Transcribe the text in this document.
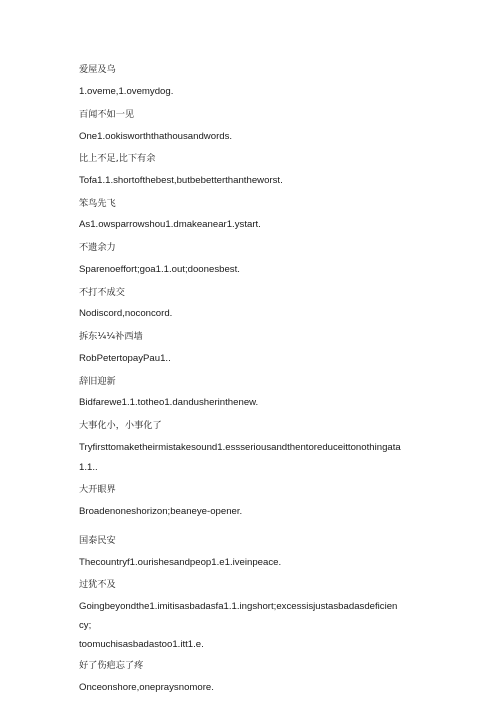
爱屋及乌

1.oveme,1.ovemydog.

百闻不如一见

One1.ookisworththathousandwords.

比上不足,比下有余

Tofa1.1.shortofthebest,butbebetterthantheworst.

笨鸟先飞

As1.owsparrowshou1.dmakeanear1.ystart.

不遗余力

Sparenoeffort;goa1.1.out;doonesbest.

不打不成交

Nodiscord,noconcord.

拆东¼¼补西墙

RobPetertopayPau1..

辞旧迎新

Bidfarewe1.1.totheo1.dandusherinthenew.

大事化小，小事化了

Tryfirsttomaketheirmistakesound1.essseriousandthentoreduceittonothingata

1.1..

大开眼界

Broadenoneshorizon;beaneye-opener.

国泰民安

Thecountryf1.ourishesandpeop1.e1.iveinpeace.

过犹不及

Goingbeyondthe1.imitisasbadasfa1.1.ingshort;excessisjustasbadasdeficien

cy;

toomuchisasbadastoo1.itt1.e.

好了伤疤忘了疼

Onceonshore,oneprays​nomore.
